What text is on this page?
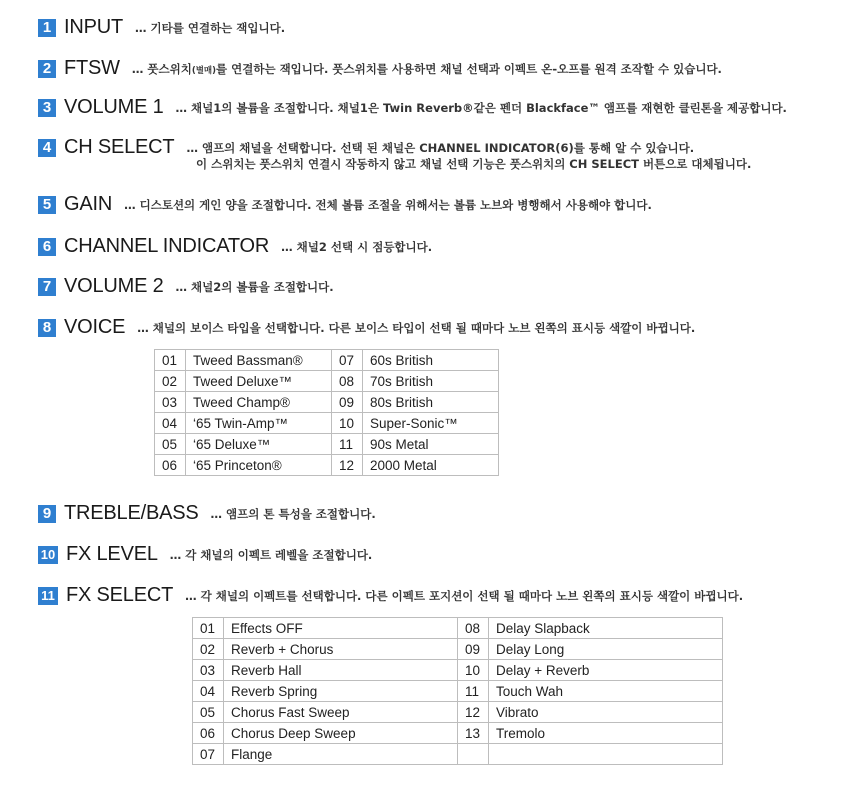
1 INPUT … 기타를 연결하는 잭입니다.
2 FTSW … 풋스위치(별매)를 연결하는 잭입니다. 풋스위치를 사용하면 채널 선택과 이펙트 온-오프를 원격 조작할 수 있습니다.
3 VOLUME 1 … 채널1의 볼륨을 조절합니다. 채널1은 Twin Reverb®같은 펜더 Blackface™ 앰프를 재현한 클린톤을 제공합니다.
4 CH SELECT … 앰프의 채널을 선택합니다. 선택 된 채널은 CHANNEL INDICATOR(6)를 통해 알 수 있습니다.
이 스위치는 풋스위치 연결시 작동하지 않고 채널 선택 기능은 풋스위치의 CH SELECT 버튼으로 대체됩니다.
5 GAIN … 디스토션의 게인 양을 조절합니다. 전체 볼륨 조절을 위해서는 볼륨 노브와 병행해서 사용해야 합니다.
6 CHANNEL INDICATOR … 채널2 선택 시 점등합니다.
7 VOLUME 2 … 채널2의 볼륨을 조절합니다.
8 VOICE … 채널의 보이스 타입을 선택합니다. 다른 보이스 타입이 선택 될 때마다 노브 왼쪽의 표시등 색깔이 바뀝니다.
01	Tweed Bassman®	07	60s British
02	Tweed Deluxe™	08	70s British
03	Tweed Champ®	09	80s British
04	‘65 Twin-Amp™	10	Super-Sonic™
05	‘65 Deluxe™	11	90s Metal
06	‘65 Princeton®	12	2000 Metal
9 TREBLE/BASS … 앰프의 톤 특성을 조절합니다.
10 FX LEVEL … 각 채널의 이펙트 레벨을 조절합니다.
11 FX SELECT … 각 채널의 이펙트를 선택합니다. 다른 이펙트 포지션이 선택 될 때마다 노브 왼쪽의 표시등 색깔이 바뀝니다.
01	Effects OFF	08	Delay Slapback
02	Reverb + Chorus	09	Delay Long
03	Reverb Hall	10	Delay + Reverb
04	Reverb Spring	11	Touch Wah
05	Chorus Fast Sweep	12	Vibrato
06	Chorus Deep Sweep	13	Tremolo
07	Flange		
